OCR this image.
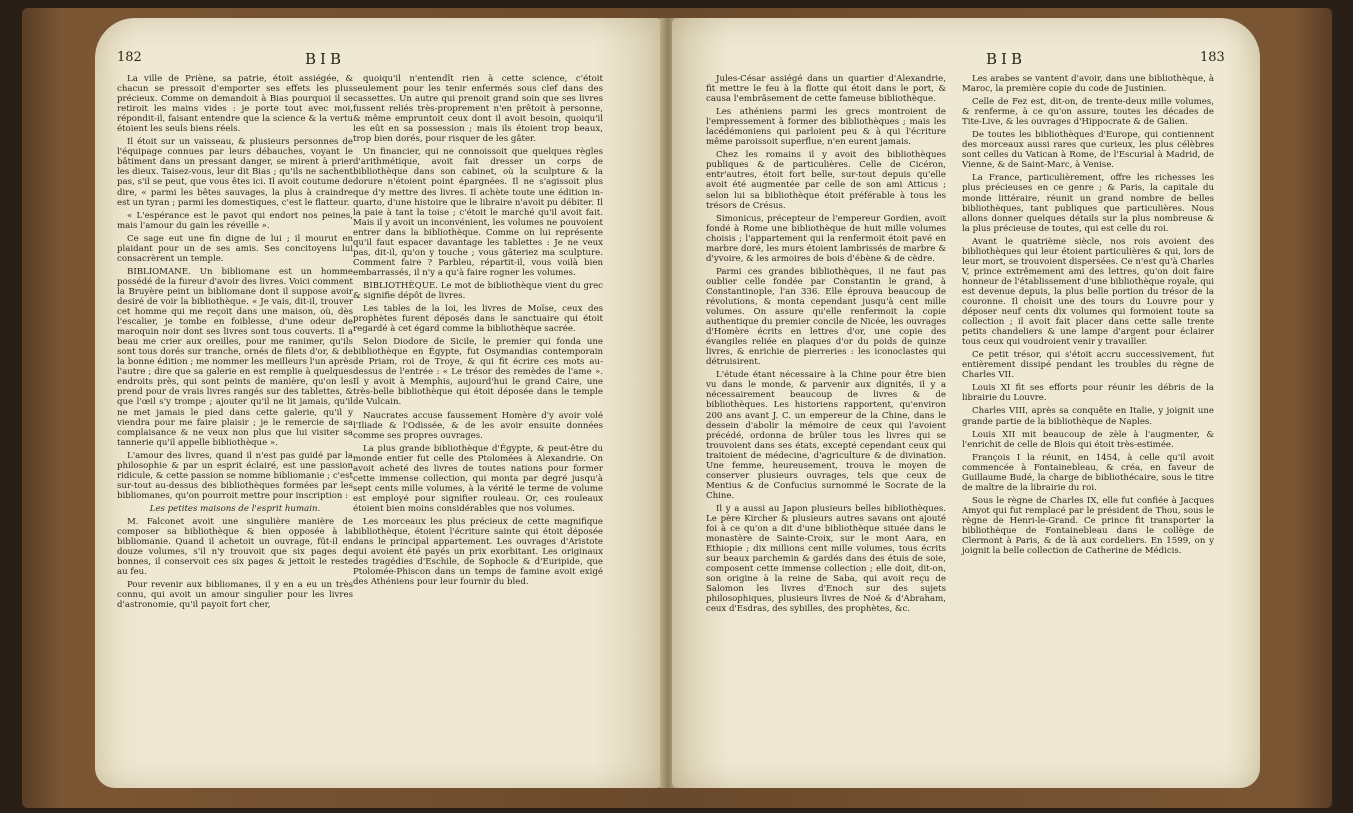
182	BIB

La ville de Priène, sa patrie, étoit assiégée, & chacun se pressoit d'emporter ses effets les plus précieux. Comme on demandoit à Bias pourquoi il se retiroit les mains vides : je porte tout avec moi, répondit-il, faisant entendre que la science & la vertu étoient les seuls biens réels.

Il étoit sur un vaisseau, & plusieurs personnes de l'équipage connues par leurs débauches, voyant le bâtiment dans un pressant danger, se mirent à prier les dieux. Taisez-vous, leur dit Bias ; qu'ils ne sachent pas, s'il se peut, que vous êtes ici. Il avoit coutume de dire, « parmi les bêtes sauvages, la plus à craindre est un tyran ; parmi les domestiques, c'est le flatteur.

« L'espérance est le pavot qui endort nos peines, mais l'amour du gain les réveille ».

Ce sage eut une fin digne de lui ; il mourut en plaidant pour un de ses amis. Ses concitoyens lui consacrèrent un temple.

BIBLIOMANE. Un bibliomane est un homme possédé de la fureur d'avoir des livres. Voici comment la Bruyère peint un bibliomane dont il suppose avoir desiré de voir la bibliothèque. « Je vais, dit-il, trouver cet homme qui me reçoit dans une maison, où, dès l'escalier, je tombe en foiblesse, d'une odeur de maroquin noir dont ses livres sont tous couverts. Il a beau me crier aux oreilles, pour me ranimer, qu'ils sont tous dorés sur tranche, ornés de filets d'or, & de la bonne édition ; me nommer les meilleurs l'un après l'autre ; dire que sa galerie en est remplie à quelques endroits près, qui sont peints de manière, qu'on les prend pour de vrais livres rangés sur des tablettes, & que l'œil s'y trompe ; ajouter qu'il ne lit jamais, qu'il ne met jamais le pied dans cette galerie, qu'il y viendra pour me faire plaisir ; je le remercie de sa complaisance & ne veux non plus que lui visiter sa tannerie qu'il appelle bibliothèque ».

L'amour des livres, quand il n'est pas guidé par la philosophie & par un esprit éclairé, est une passion ridicule, & cette passion se nomme bibliomanie ; c'est sur-tout au-dessus des bibliothèques formées par les bibliomanes, qu'on pourroit mettre pour inscription :

Les petites maisons de l'esprit humain.

M. Falconet avoit une singulière manière de composer sa bibliothèque & bien opposée à la bibliomanie. Quand il achetoit un ouvrage, fût-il en douze volumes, s'il n'y trouvoit que six pages de bonnes, il conservoit ces six pages & jettoit le reste au feu.

Pour revenir aux bibliomanes, il y en a eu un très connu, qui avoit un amour singulier pour les livres d'astronomie, qu'il payoit fort cher,

quoiqu'il n'entendît rien à cette science, c'étoit seulement pour les tenir enfermés sous clef dans des cassettes. Un autre qui prenoit grand soin que ses livres fussent reliés très-proprement n'en prêtoit à personne, & même empruntoit ceux dont il avoit besoin, quoiqu'il les eût en sa possession ; mais ils étoient trop beaux, trop bien dorés, pour risquer de les gâter.

Un financier, qui ne connoissoit que quelques règles d'arithmétique, avoit fait dresser un corps de bibliothèque dans son cabinet, où la sculpture & la dorure n'étoient point épargnées. Il ne s'agissoit plus que d'y mettre des livres. Il achète toute une édition in-quarto, d'une histoire que le libraire n'avoit pu débiter. Il la paie à tant la toise ; c'étoit le marché qu'il avoit fait. Mais il y avoit un inconvénient, les volumes ne pouvoient entrer dans la bibliothèque. Comme on lui représente qu'il faut espacer davantage les tablettes : Je ne veux pas, dit-il, qu'on y touche ; vous gâteriez ma sculpture. Comment faire ? Parbleu, répartit-il, vous voilà bien embarrassés, il n'y a qu'à faire rogner les volumes.

BIBLIOTHÈQUE. Le mot de bibliothèque vient du grec & signifie dépôt de livres.

Les tables de la loi, les livres de Moïse, ceux des prophètes furent déposés dans le sanctuaire qui étoit regardé à cet égard comme la bibliothèque sacrée.

Selon Diodore de Sicile, le premier qui fonda une bibliothèque en Égypte, fut Osymandias contemporain de Priam, roi de Troye, & qui fit écrire ces mots au-dessus de l'entrée : « Le trésor des remèdes de l'ame ». Il y avoit à Memphis, aujourd'hui le grand Caire, une très-belle bibliothèque qui étoit déposée dans le temple de Vulcain.

Naucrates accuse faussement Homère d'y avoir volé l'Iliade & l'Odissée, & de les avoir ensuite données comme ses propres ouvrages.

La plus grande bibliothèque d'Égypte, & peut-être du monde entier fut celle des Ptolomées à Alexandrie. On avoit acheté des livres de toutes nations pour former cette immense collection, qui monta par degré jusqu'à sept cents mille volumes, à la vérité le terme de volume est employé pour signifier rouleau. Or, ces rouleaux étoient bien moins considérables que nos volumes.

Les morceaux les plus précieux de cette magnifique bibliothèque, étoient l'écriture sainte qui étoit déposée dans le principal appartement. Les ouvrages d'Aristote qui avoient été payés un prix exorbitant. Les originaux des tragédies d'Eschile, de Sophocle & d'Euripide, que Ptolomée-Phiscon dans un temps de famine avoit exigé des Athéniens pour leur fournir du bled.

BIB	183

Jules-César assiégé dans un quartier d'Alexandrie, fit mettre le feu à la flotte qui étoit dans le port, & causa l'embrâsement de cette fameuse bibliothèque.

Les athéniens parmi les grecs montroient de l'empressement à former des bibliothèques ; mais les lacédémoniens qui parloient peu & à qui l'écriture même paroissoit superflue, n'en eurent jamais.

Chez les romains il y avoit des bibliothèques publiques & de particulières. Celle de Cicéron, entr'autres, étoit fort belle, sur-tout depuis qu'elle avoit été augmentée par celle de son ami Atticus ; selon lui sa bibliothèque étoit préférable à tous les trésors de Crésus.

Simonicus, précepteur de l'empereur Gordien, avoit fondé à Rome une bibliothèque de huit mille volumes choisis ; l'appartement qui la renfermoit étoit pavé en marbre doré, les murs étoient lambrissés de marbre & d'yvoire, & les armoires de bois d'ébène & de cèdre.

Parmi ces grandes bibliothèques, il ne faut pas oublier celle fondée par Constantin le grand, à Constantinople, l'an 336. Elle éprouva beaucoup de révolutions, & monta cependant jusqu'à cent mille volumes. On assure qu'elle renfermoit la copie authentique du premier concile de Nicée, les ouvrages d'Homère écrits en lettres d'or, une copie des évangiles reliée en plaques d'or du poids de quinze livres, & enrichie de pierreries : les iconoclastes qui détruisirent.

L'étude étant nécessaire à la Chine pour être bien vu dans le monde, & parvenir aux dignités, il y a nécessairement beaucoup de livres & de bibliothèques. Les historiens rapportent, qu'environ 200 ans avant J. C. un empereur de la Chine, dans le dessein d'abolir la mémoire de ceux qui l'avoient précédé, ordonna de brûler tous les livres qui se trouvoient dans ses états, excepté cependant ceux qui traitoient de médecine, d'agriculture & de divination. Une femme, heureusement, trouva le moyen de conserver plusieurs ouvrages, tels que ceux de Mentius & de Confucius surnommé le Socrate de la Chine.

Il y a aussi au Japon plusieurs belles bibliothèques. Le père Kircher & plusieurs autres savans ont ajouté foi à ce qu'on a dit d'une bibliothèque située dans le monastère de Sainte-Croix, sur le mont Aara, en Ethiopie ; dix millions cent mille volumes, tous écrits sur beaux parchemin & gardés dans des étuis de soie, composent cette immense collection ; elle doit, dit-on, son origine à la reine de Saba, qui avoit reçu de Salomon les livres d'Enoch sur des sujets philosophiques, plusieurs livres de Noé & d'Abraham, ceux d'Esdras, des sybilles, des prophètes, &c.

Les arabes se vantent d'avoir, dans une bibliothèque, à Maroc, la première copie du code de Justinien.

Celle de Fez est, dit-on, de trente-deux mille volumes, & renferme, à ce qu'on assure, toutes les décades de Tite-Live, & les ouvrages d'Hippocrate & de Galien.

De toutes les bibliothèques d'Europe, qui contiennent des morceaux aussi rares que curieux, les plus célèbres sont celles du Vatican à Rome, de l'Escurial à Madrid, de Vienne, & de Saint-Marc, à Venise.

La France, particulièrement, offre les richesses les plus précieuses en ce genre ; & Paris, la capitale du monde littéraire, réunit un grand nombre de belles bibliothèques, tant publiques que particulières. Nous allons donner quelques détails sur la plus nombreuse & la plus précieuse de toutes, qui est celle du roi.

Avant le quatrième siècle, nos rois avoient des bibliothèques qui leur étoient particulières & qui, lors de leur mort, se trouvoient dispersées. Ce n'est qu'à Charles V, prince extrêmement ami des lettres, qu'on doit faire honneur de l'établissement d'une bibliothèque royale, qui est devenue depuis, la plus belle portion du trésor de la couronne. Il choisit une des tours du Louvre pour y déposer neuf cents dix volumes qui formoient toute sa collection ; il avoit fait placer dans cette salle trente petits chandeliers & une lampe d'argent pour éclairer tous ceux qui voudroient venir y travailler.

Ce petit trésor, qui s'étoit accru successivement, fut entièrement dissipé pendant les troubles du règne de Charles VII.

Louis XI fit ses efforts pour réunir les débris de la librairie du Louvre.

Charles VIII, après sa conquête en Italie, y joignit une grande partie de la bibliothèque de Naples.

Louis XII mit beaucoup de zèle à l'augmenter, & l'enrichit de celle de Blois qui étoit très-estimée.

François I la réunit, en 1454, à celle qu'il avoit commencée à Fontainebleau, & créa, en faveur de Guillaume Budé, la charge de bibliothécaire, sous le titre de maître de la librairie du roi.

Sous le règne de Charles IX, elle fut confiée à Jacques Amyot qui fut remplacé par le président de Thou, sous le règne de Henri-le-Grand. Ce prince fit transporter la bibliothèque de Fontainebleau dans le collège de Clermont à Paris, & de là aux cordeliers. En 1599, on y joignit la belle collection de Catherine de Médicis.
